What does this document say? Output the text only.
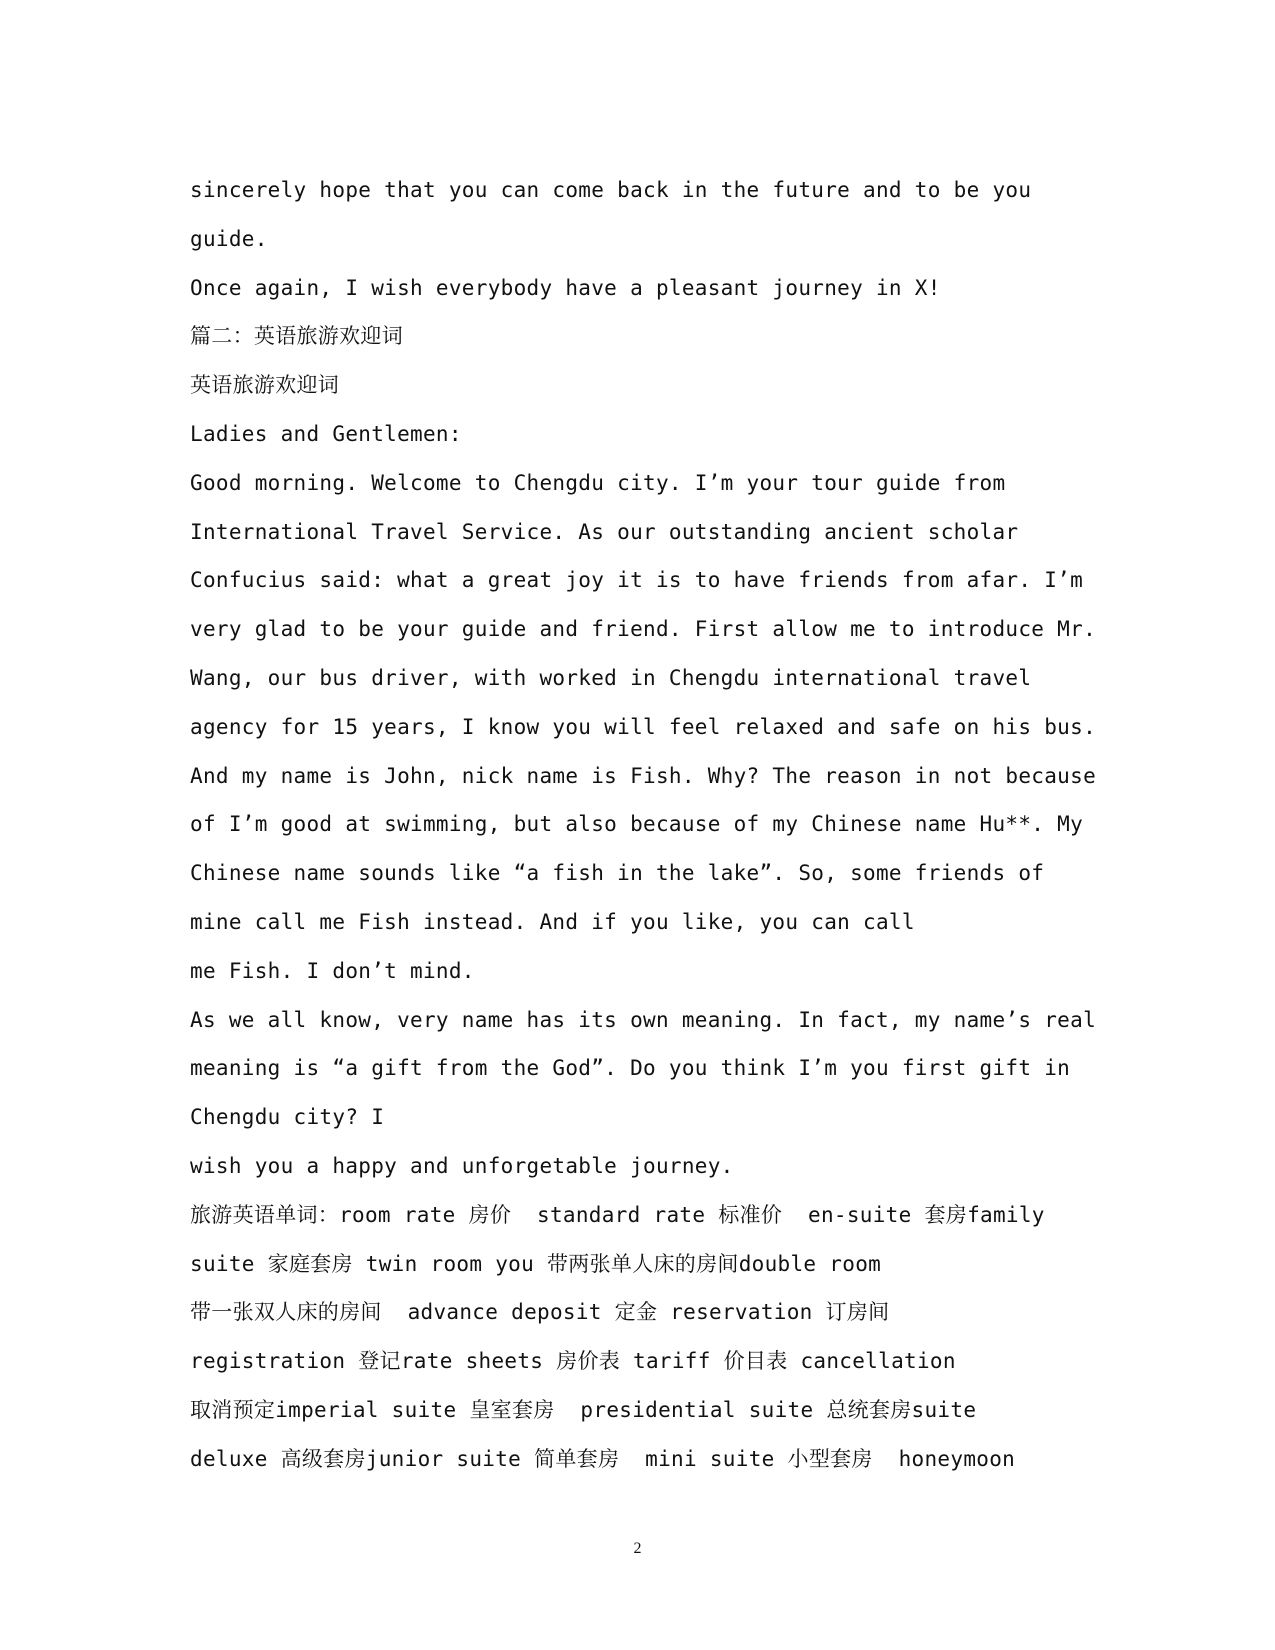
sincerely hope that you can come back in the future and to be you
guide.
Once again, I wish everybody have a pleasant journey in X!
篇二：英语旅游欢迎词
英语旅游欢迎词
Ladies and Gentlemen:
Good morning. Welcome to Chengdu city. I’m your tour guide from
International Travel Service. As our outstanding ancient scholar
Confucius said: what a great joy it is to have friends from afar. I’m
very glad to be your guide and friend. First allow me to introduce Mr.
Wang, our bus driver, with worked in Chengdu international travel
agency for 15 years, I know you will feel relaxed and safe on his bus.
And my name is John, nick name is Fish. Why? The reason in not because
of I’m good at swimming, but also because of my Chinese name Hu**. My
Chinese name sounds like “a fish in the lake”. So, some friends of
mine call me Fish instead. And if you like, you can call
me Fish. I don’t mind.
As we all know, very name has its own meaning. In fact, my name’s real
meaning is “a gift from the God”. Do you think I’m you first gift in
Chengdu city? I
wish you a happy and unforgetable journey.
旅游英语单词：room rate 房价  standard rate 标准价  en-suite 套房family
suite 家庭套房 twin room you 带两张单人床的房间double room
带一张双人床的房间  advance deposit 定金 reservation 订房间
registration 登记rate sheets 房价表 tariff 价目表 cancellation
取消预定imperial suite 皇室套房  presidential suite 总统套房suite
deluxe 高级套房junior suite 简单套房  mini suite 小型套房  honeymoon
2
